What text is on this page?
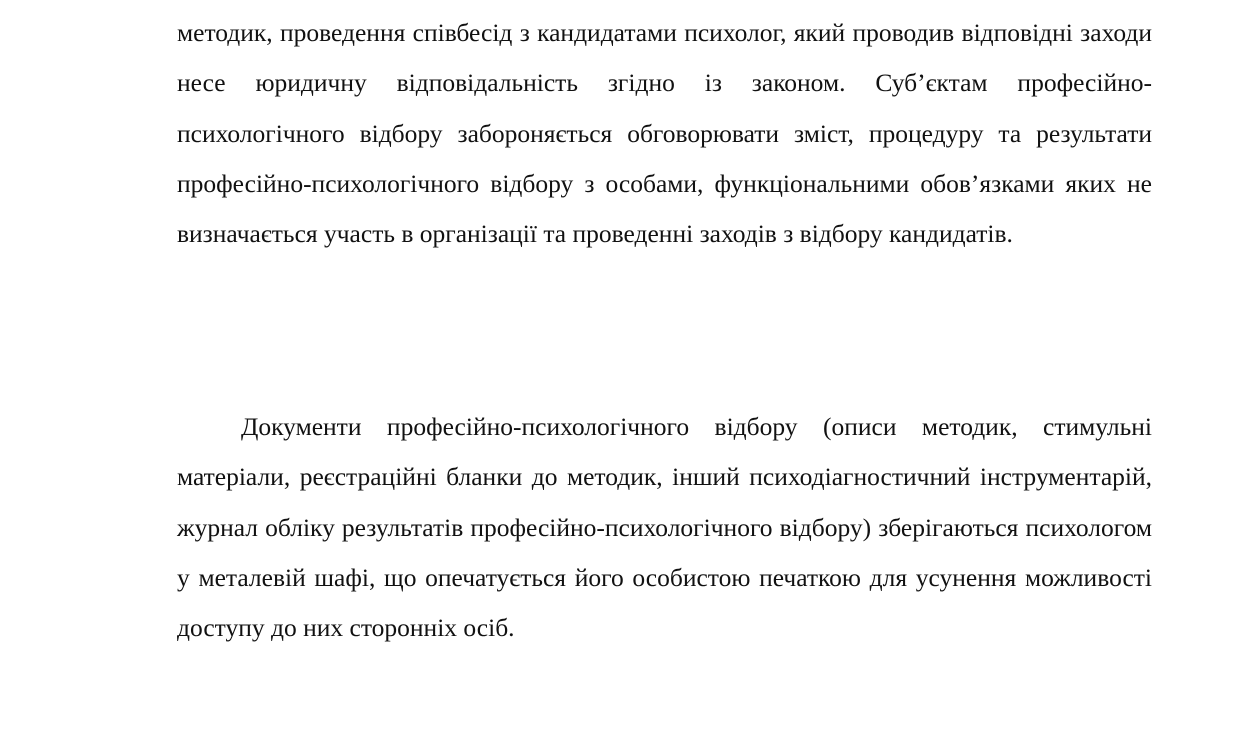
методик, проведення співбесід з кандидатами психолог, який проводив відповідні заходи несе юридичну відповідальність згідно із законом. Суб’єктам професійно-психологічного відбору забороняється обговорювати зміст, процедуру та результати професійно-психологічного відбору з особами, функціональними обов’язками яких не визначається участь в організації та проведенні заходів з відбору кандидатів.

Документи професійно-психологічного відбору (описи методик, стимульні матеріали, реєстраційні бланки до методик, інший психодіагностичний інструментарій, журнал обліку результатів професійно-психологічного відбору) зберігаються психологом у металевій шафі, що опечатується його особистою печаткою для усунення можливості доступу до них сторонніх осіб.
